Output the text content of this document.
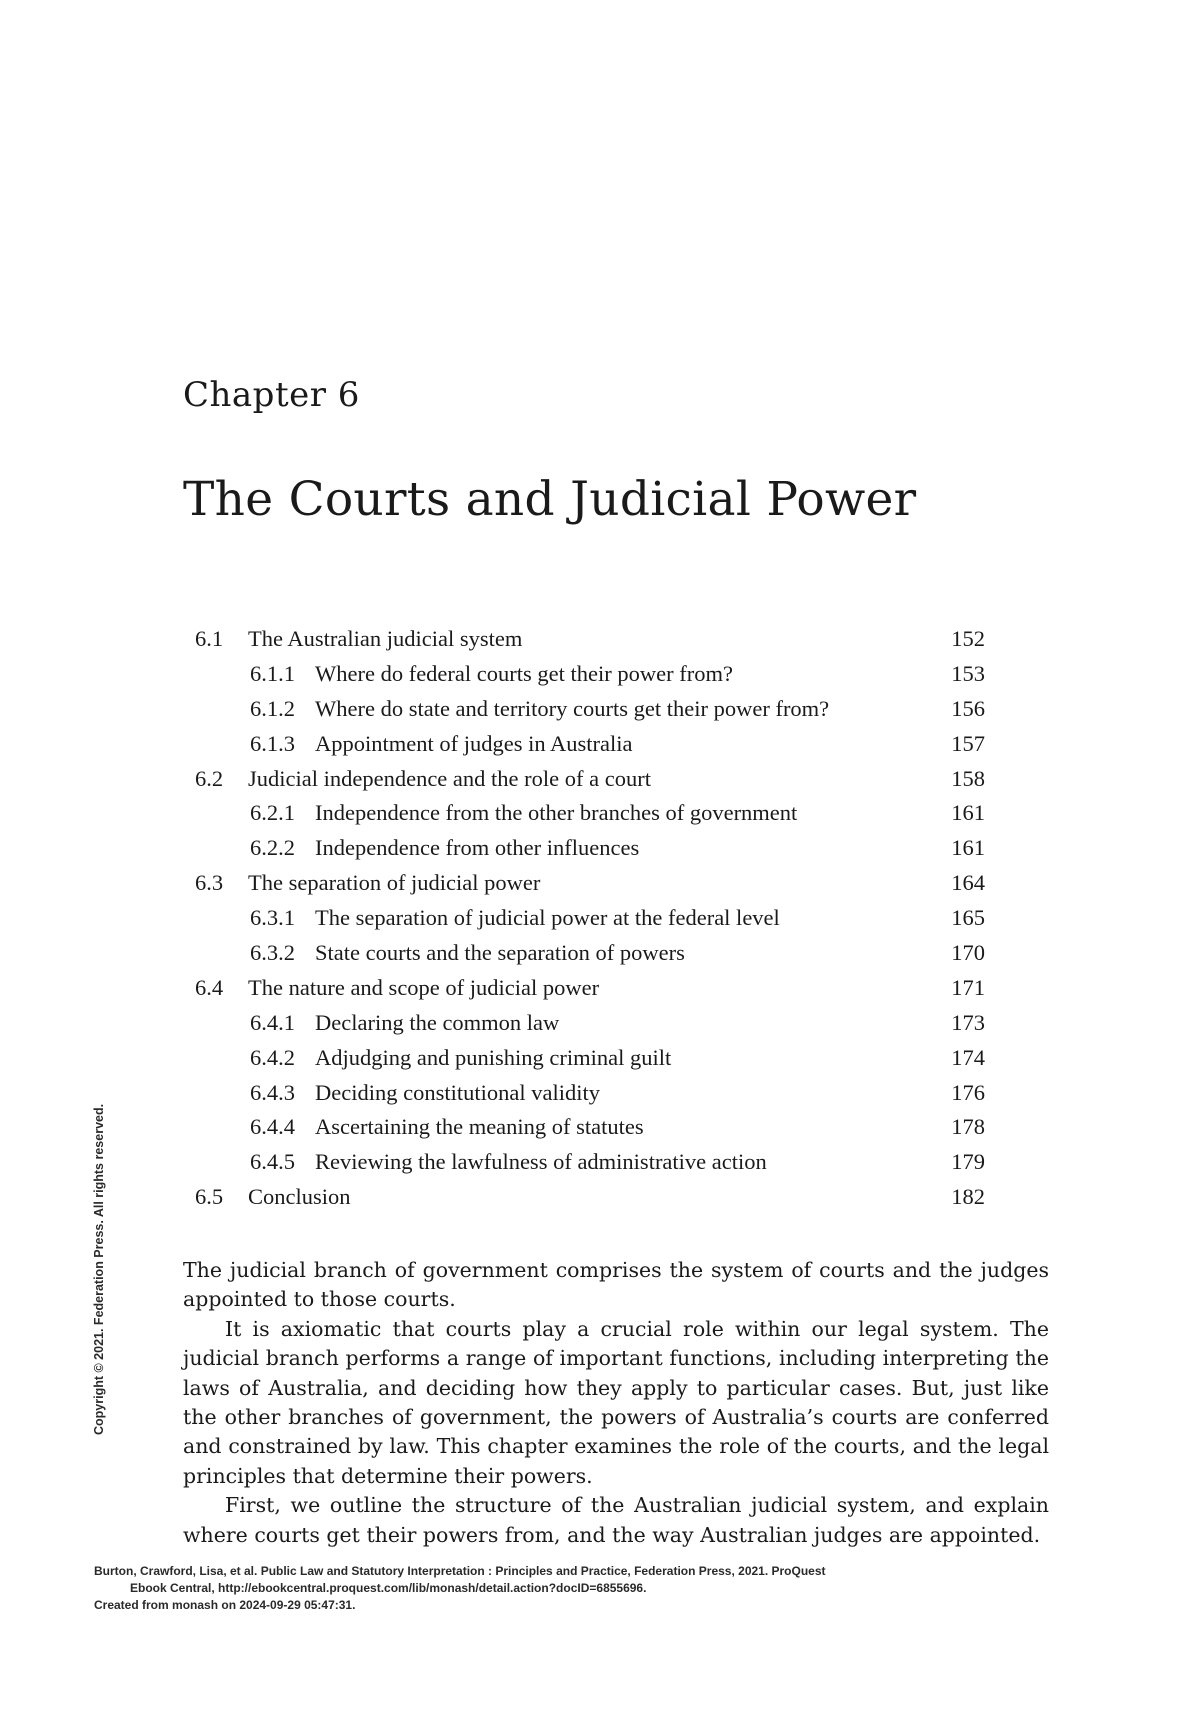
Chapter 6
The Courts and Judicial Power
6.1 The Australian judicial system	152
6.1.1 Where do federal courts get their power from?	153
6.1.2 Where do state and territory courts get their power from?	156
6.1.3 Appointment of judges in Australia	157
6.2 Judicial independence and the role of a court	158
6.2.1 Independence from the other branches of government	161
6.2.2 Independence from other influences	161
6.3 The separation of judicial power	164
6.3.1 The separation of judicial power at the federal level	165
6.3.2 State courts and the separation of powers	170
6.4 The nature and scope of judicial power	171
6.4.1 Declaring the common law	173
6.4.2 Adjudging and punishing criminal guilt	174
6.4.3 Deciding constitutional validity	176
6.4.4 Ascertaining the meaning of statutes	178
6.4.5 Reviewing the lawfulness of administrative action	179
6.5 Conclusion	182

The judicial branch of government comprises the system of courts and the judges appointed to those courts.

It is axiomatic that courts play a crucial role within our legal system. The judicial branch performs a range of important functions, including interpreting the laws of Australia, and deciding how they apply to particular cases. But, just like the other branches of government, the powers of Australia’s courts are conferred and constrained by law. This chapter examines the role of the courts, and the legal principles that determine their powers.

First, we outline the structure of the Australian judicial system, and explain where courts get their powers from, and the way Australian judges are appointed.

Copyright © 2021. Federation Press. All rights reserved.
Burton, Crawford, Lisa, et al. Public Law and Statutory Interpretation : Principles and Practice, Federation Press, 2021. ProQuest
Ebook Central, http://ebookcentral.proquest.com/lib/monash/detail.action?docID=6855696.
Created from monash on 2024-09-29 05:47:31.
